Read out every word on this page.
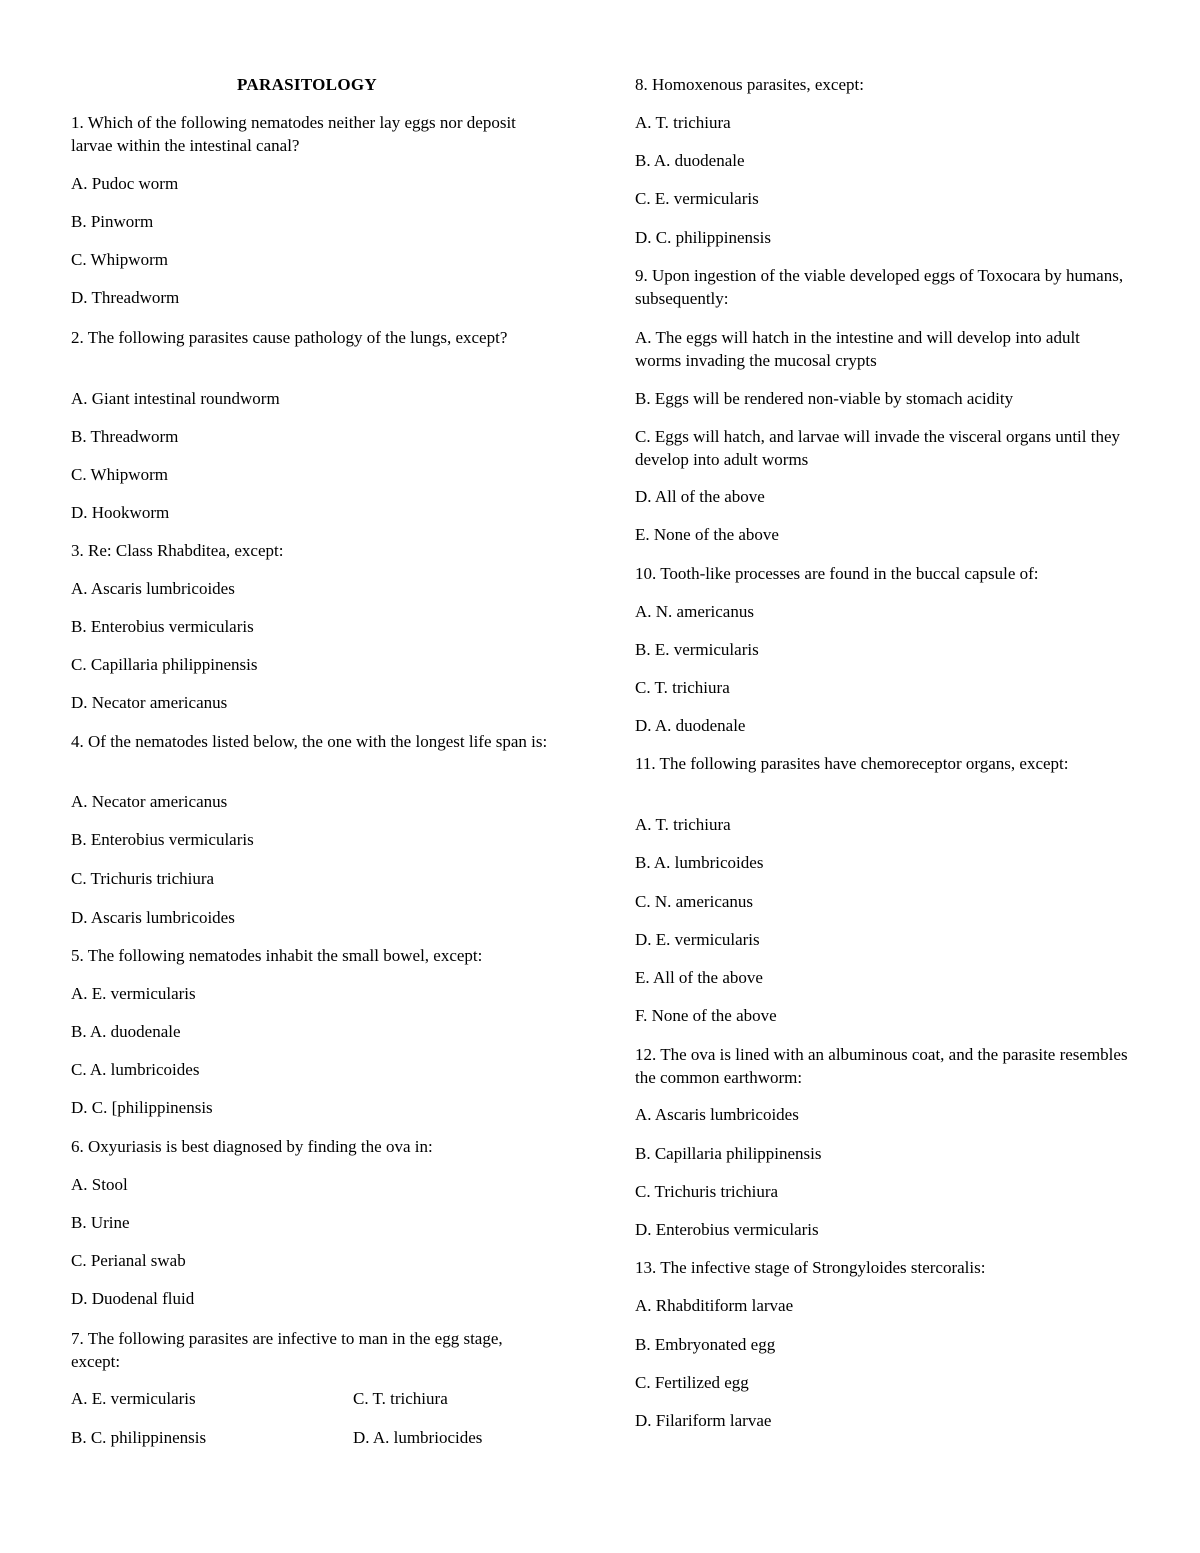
PARASITOLOGY
1. Which of the following nematodes neither lay eggs nor deposit larvae within the intestinal canal?
A. Pudoc worm
B. Pinworm
C. Whipworm
D. Threadworm
2. The following parasites cause pathology of the lungs, except?
A. Giant intestinal roundworm
B. Threadworm
C. Whipworm
D. Hookworm
3. Re: Class Rhabditea, except:
A. Ascaris lumbricoides
B. Enterobius vermicularis
C. Capillaria philippinensis
D. Necator americanus
4. Of the nematodes listed below, the one with the longest life span is:
A. Necator americanus
B. Enterobius vermicularis
C. Trichuris trichiura
D. Ascaris lumbricoides
5. The following nematodes inhabit the small bowel, except:
A. E. vermicularis
B. A. duodenale
C. A. lumbricoides
D. C. [philippinensis
6. Oxyuriasis is best diagnosed by finding the ova in:
A. Stool
B. Urine
C. Perianal swab
D. Duodenal fluid
7. The following parasites are infective to man in the egg stage, except:
A. E. vermicularis
B. C. philippinensis
C. T. trichiura
D. A. lumbriocides
8. Homoxenous parasites, except:
A. T. trichiura
B. A. duodenale
C. E. vermicularis
D. C. philippinensis
9. Upon ingestion of the viable developed eggs of Toxocara by humans, subsequently:
A. The eggs will hatch in the intestine and will develop into adult worms invading the mucosal crypts
B. Eggs will be rendered non-viable by stomach acidity
C. Eggs will hatch, and larvae will invade the visceral organs until they develop into adult worms
D. All of the above
E. None of the above
10. Tooth-like processes are found in the buccal capsule of:
A. N. americanus
B. E. vermicularis
C. T. trichiura
D. A. duodenale
11. The following parasites have chemoreceptor organs, except:
A. T. trichiura
B. A. lumbricoides
C. N. americanus
D. E. vermicularis
E. All of the above
F. None of the above
12. The ova is lined with an albuminous coat, and the parasite resembles the common earthworm:
A. Ascaris lumbricoides
B. Capillaria philippinensis
C. Trichuris trichiura
D. Enterobius vermicularis
13. The infective stage of Strongyloides stercoralis:
A. Rhabditiform larvae
B. Embryonated egg
C. Fertilized egg
D. Filariform larvae
